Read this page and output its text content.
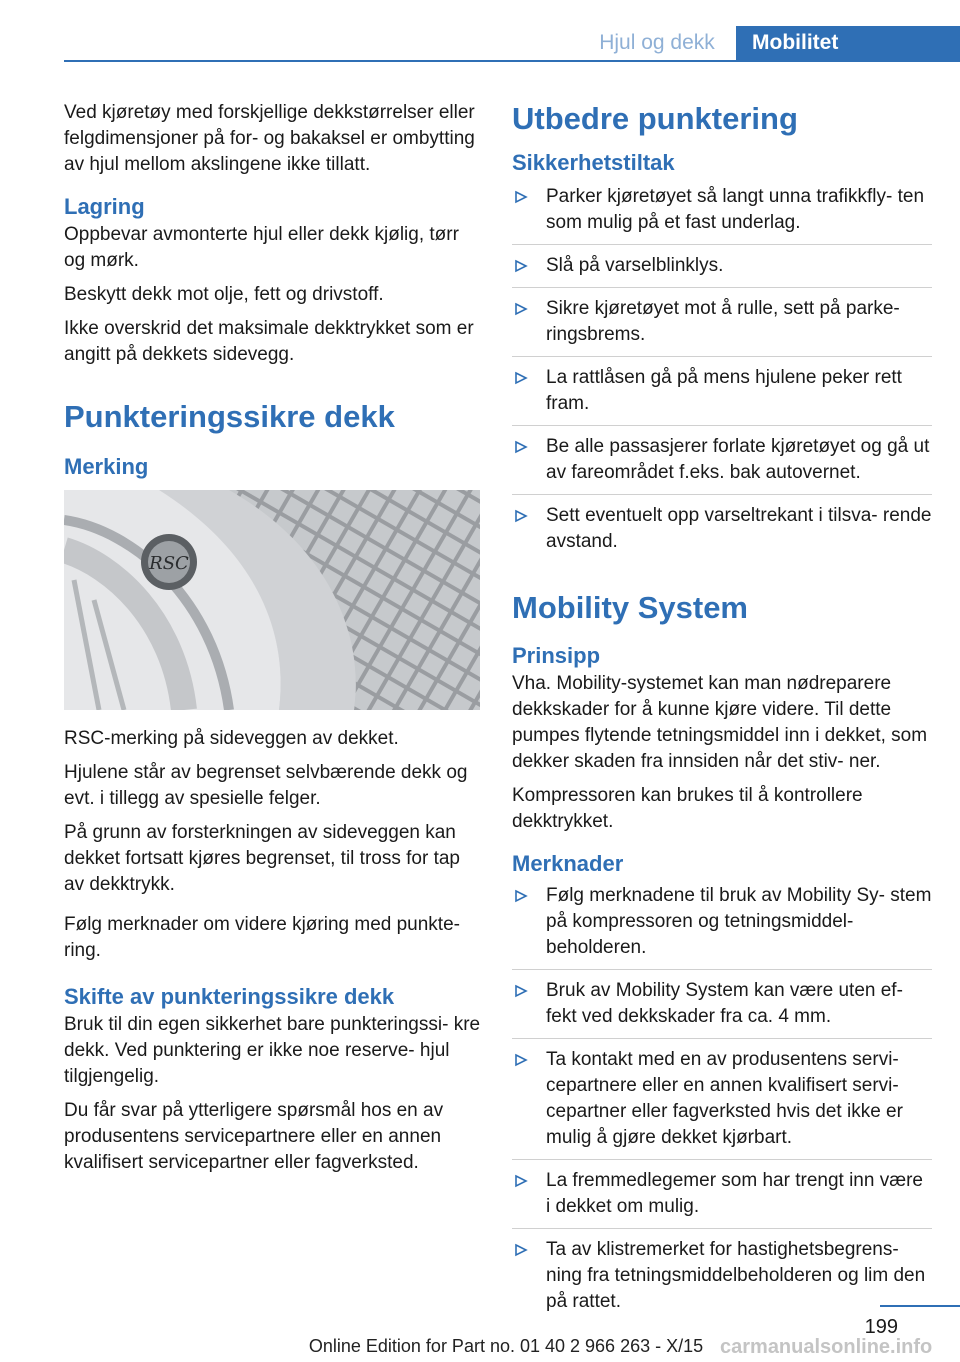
Hjul og dekk	Mobilitet

Ved kjøretøy med forskjellige dekkstørrelser eller felgdimensjoner på for- og bakaksel er ombytting av hjul mellom akslingene ikke tillatt.

Lagring

Oppbevar avmonterte hjul eller dekk kjølig, tørr og mørk.

Beskytt dekk mot olje, fett og drivstoff.

Ikke overskrid det maksimale dekktrykket som er angitt på dekkets sidevegg.

Punkteringssikre dekk
Merking
RSC

RSC-merking på sideveggen av dekket.

Hjulene står av begrenset selvbærende dekk og evt. i tillegg av spesielle felger.

På grunn av forsterkningen av sideveggen kan dekket fortsatt kjøres begrenset, til tross for tap av dekktrykk.

Følg merknader om videre kjøring med punkte- ring.

Skifte av punkteringssikre dekk

Bruk til din egen sikkerhet bare punkteringssi- kre dekk. Ved punktering er ikke noe reserve- hjul tilgjengelig.

Du får svar på ytterligere spørsmål hos en av produsentens servicepartnere eller en annen kvalifisert servicepartner eller fagverksted.

Utbedre punktering
Sikkerhetstiltak
Parker kjøretøyet så langt unna trafikkfly- ten som mulig på et fast underlag.
Slå på varselblinklys.
Sikre kjøretøyet mot å rulle, sett på parke- ringsbrems.
La rattlåsen gå på mens hjulene peker rett fram.
Be alle passasjerer forlate kjøretøyet og gå ut av fareområdet f.eks. bak autovernet.
Sett eventuelt opp varseltrekant i tilsva- rende avstand.
Mobility System
Prinsipp

Vha. Mobility-systemet kan man nødreparere dekkskader for å kunne kjøre videre. Til dette pumpes flytende tetningsmiddel inn i dekket, som dekker skaden fra innsiden når det stiv- ner.

Kompressoren kan brukes til å kontrollere dekktrykket.

Merknader
Følg merknadene til bruk av Mobility Sy- stem på kompressoren og tetningsmiddel- beholderen.
Bruk av Mobility System kan være uten ef- fekt ved dekkskader fra ca. 4 mm.
Ta kontakt med en av produsentens servi- cepartnere eller en annen kvalifisert servi- cepartner eller fagverksted hvis det ikke er mulig å gjøre dekket kjørbart.
La fremmedlegemer som har trengt inn være i dekket om mulig.
Ta av klistremerket for hastighetsbegrens- ning fra tetningsmiddelbeholderen og lim den på rattet.
199
Online Edition for Part no. 01 40 2 966 263 - X/15 carmanualsonline.info
